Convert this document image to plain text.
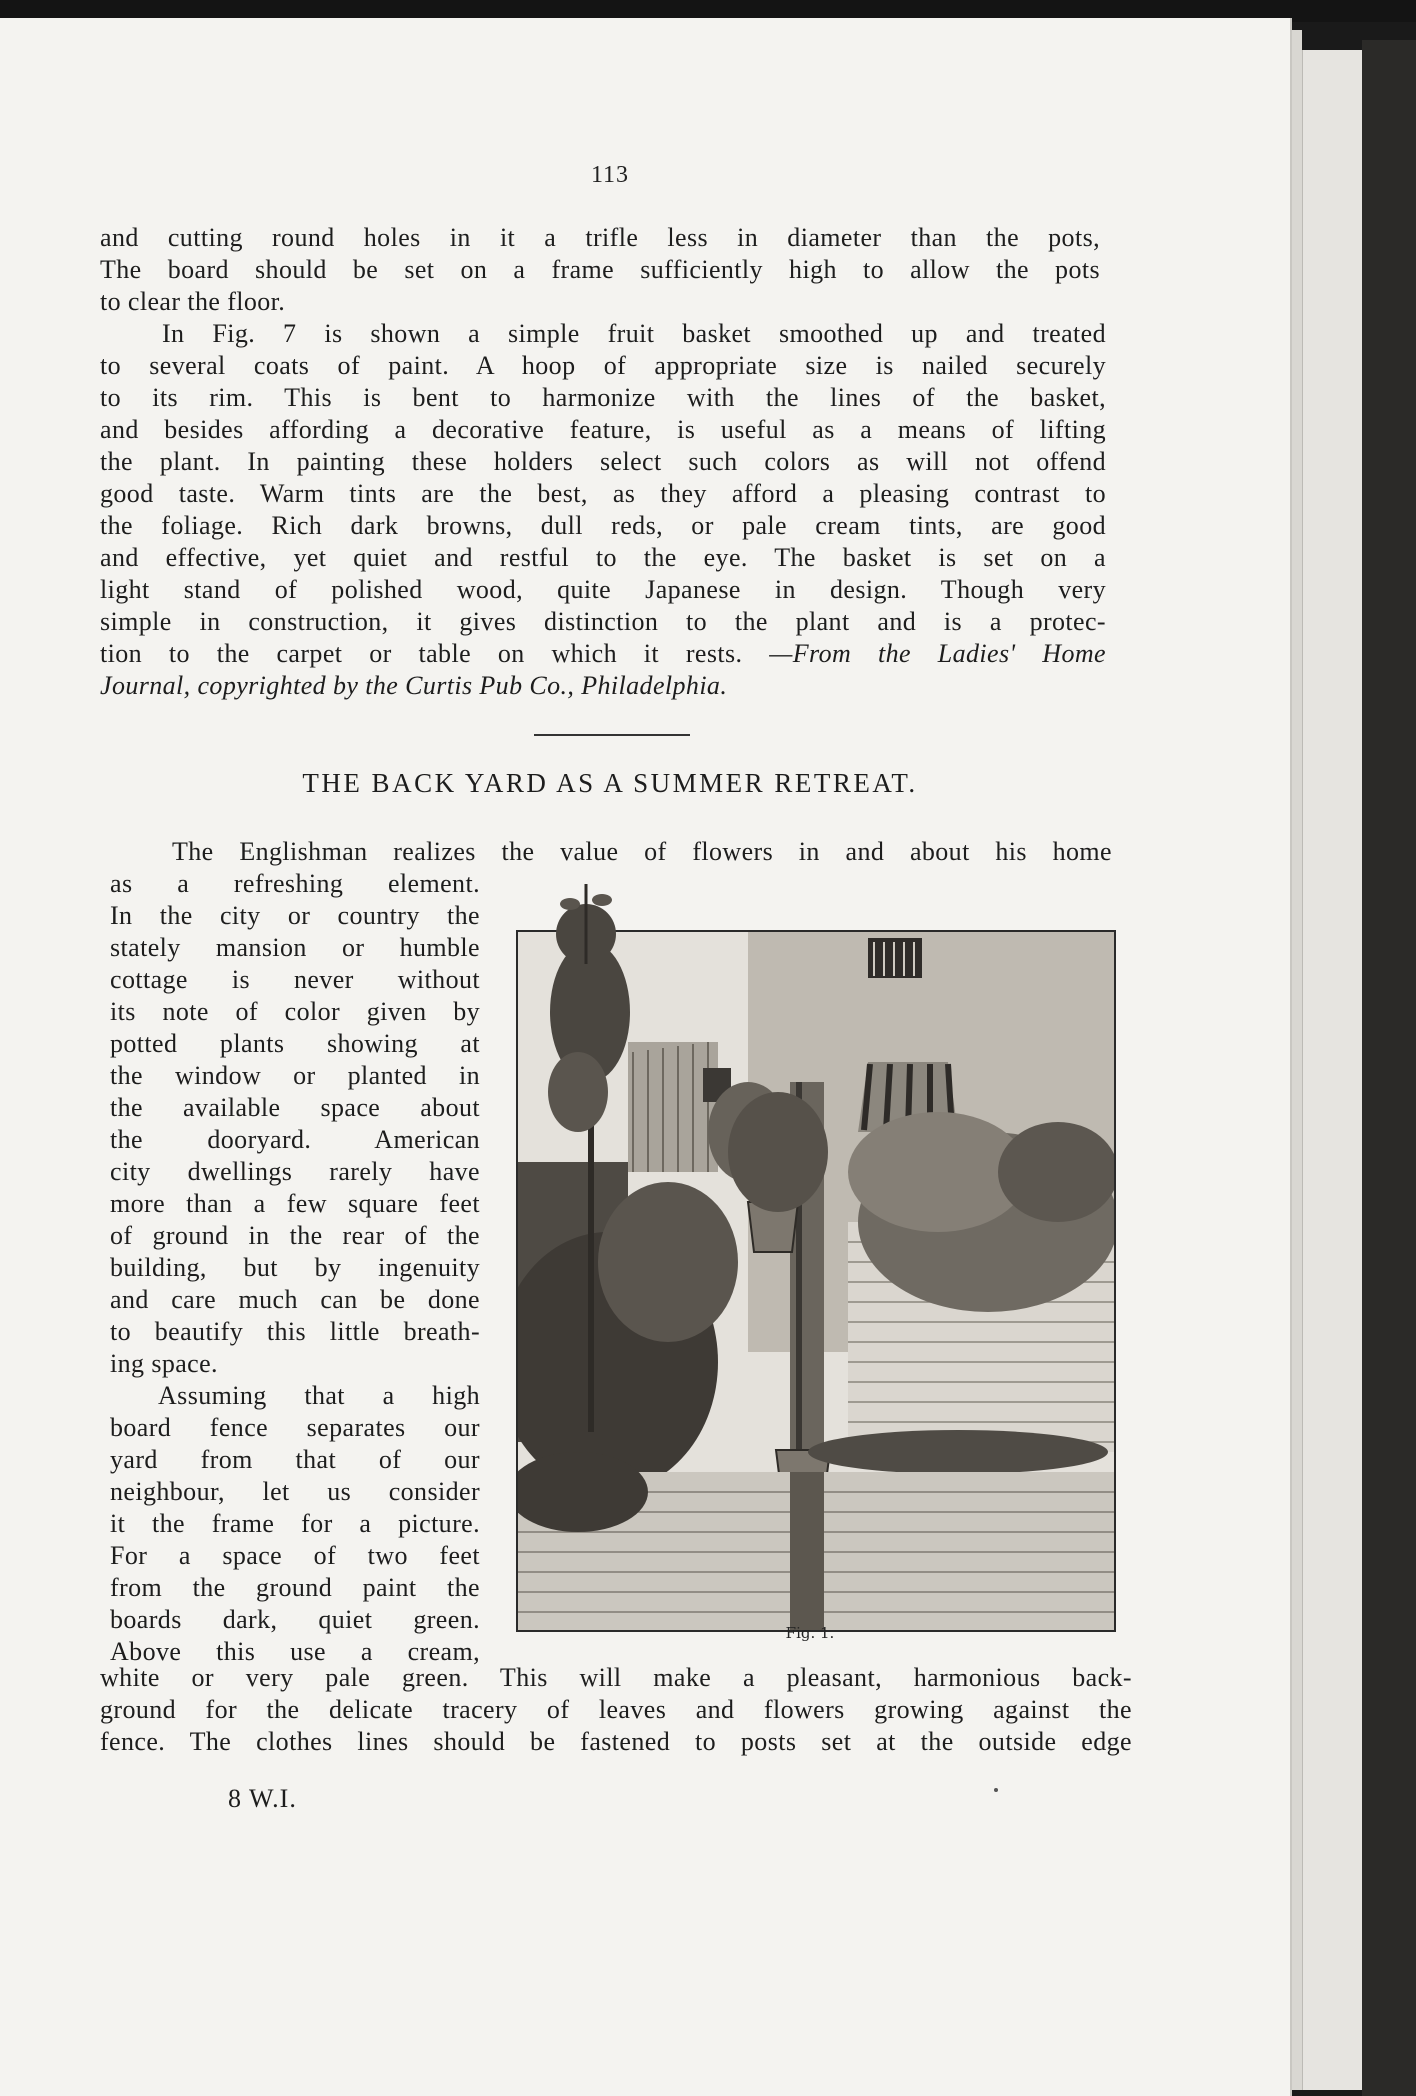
113
and cutting round holes in it a trifle less in diameter than the pots,
The board should be set on a frame sufficiently high to allow the pots
to clear the floor.
In Fig. 7 is shown a simple fruit basket smoothed up and treated
to several coats of paint. A hoop of appropriate size is nailed securely
to its rim. This is bent to harmonize with the lines of the basket,
and besides affording a decorative feature, is useful as a means of lifting
the plant. In painting these holders select such colors as will not offend
good taste. Warm tints are the best, as they afford a pleasing contrast to
the foliage. Rich dark browns, dull reds, or pale cream tints, are good
and effective, yet quiet and restful to the eye. The basket is set on a
light stand of polished wood, quite Japanese in design. Though very
simple in construction, it gives distinction to the plant and is a protec-
tion to the carpet or table on which it rests. —From the Ladies' Home
Journal, copyrighted by the Curtis Pub Co., Philadelphia.
THE BACK YARD AS A SUMMER RETREAT.
The Englishman realizes the value of flowers in and about his home
as a refreshing element.
In the city or country the
stately mansion or humble
cottage is never without
its note of color given by
potted plants showing at
the window or planted in
the available space about
the dooryard. American
city dwellings rarely have
more than a few square feet
of ground in the rear of the
building, but by ingenuity
and care much can be done
to beautify this little breath-
ing space.
Assuming that a high
board fence separates our
yard from that of our
neighbour, let us consider
it the frame for a picture.
For a space of two feet
from the ground paint the
boards dark, quiet green.
Above this use a cream,
Fig. 1.
white or very pale green. This will make a pleasant, harmonious back-
ground for the delicate tracery of leaves and flowers growing against the
fence. The clothes lines should be fastened to posts set at the outside edge
8 W.I.
